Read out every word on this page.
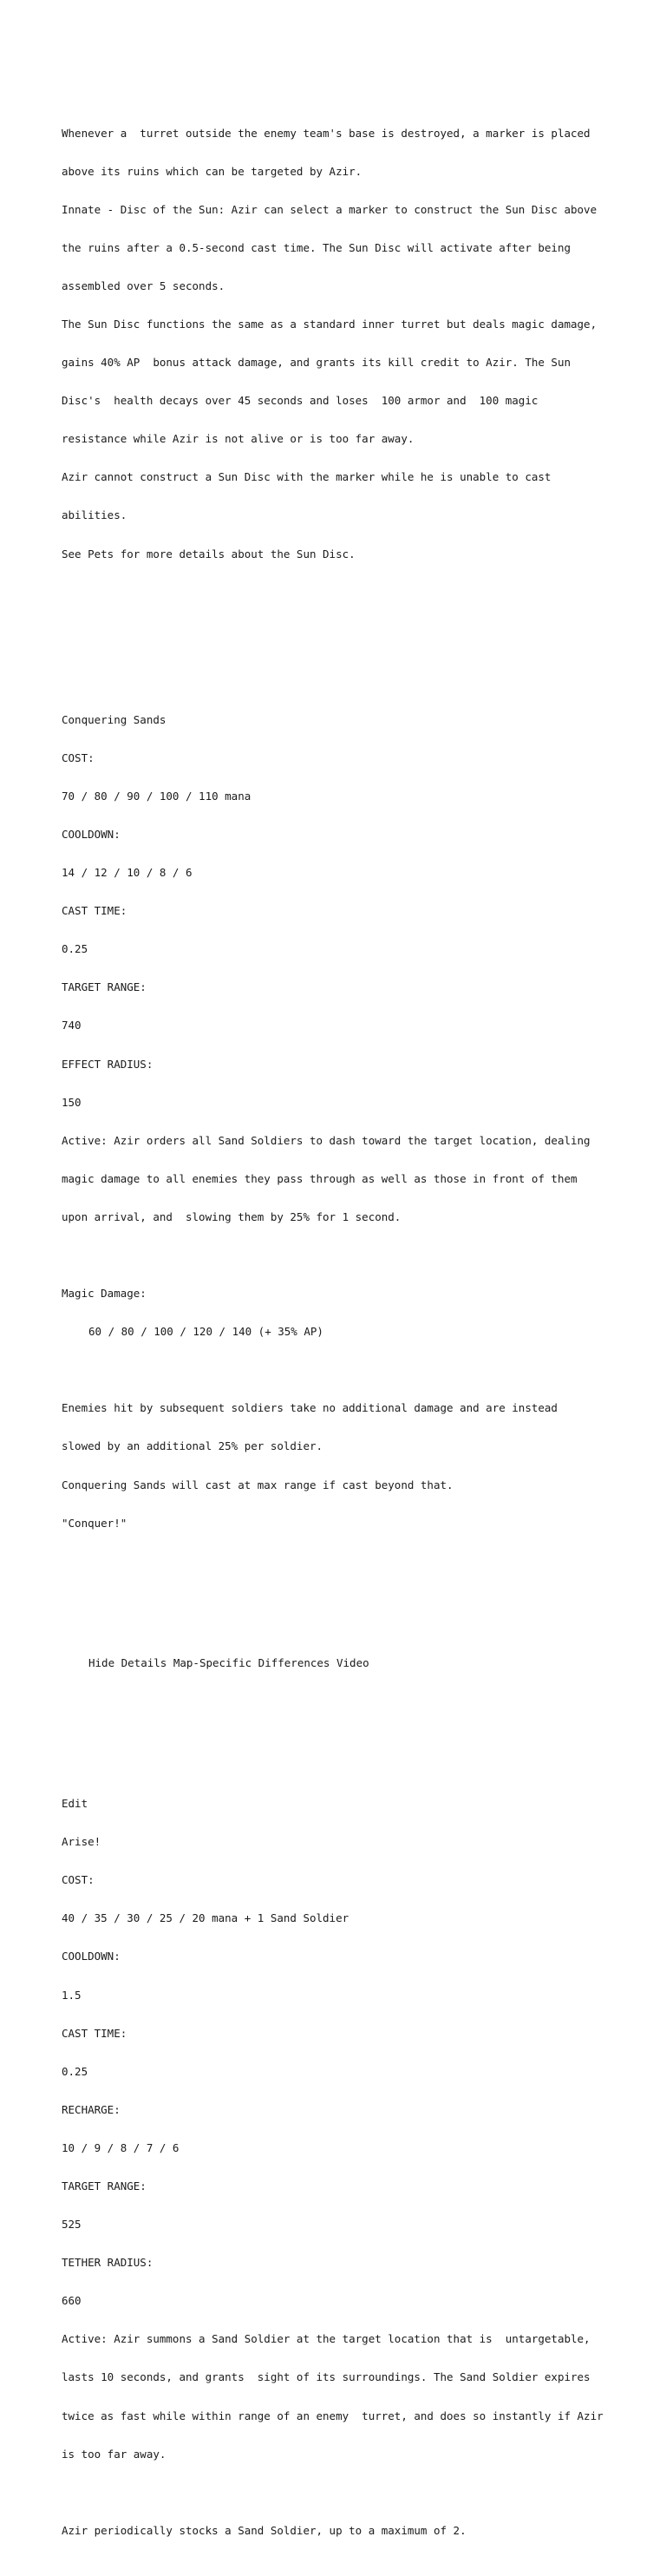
Whenever a  turret outside the enemy team's base is destroyed, a marker is placed

above its ruins which can be targeted by Azir.

Innate - Disc of the Sun: Azir can select a marker to construct the Sun Disc above

the ruins after a 0.5-second cast time. The Sun Disc will activate after being

assembled over 5 seconds.

The Sun Disc functions the same as a standard inner turret but deals magic damage,

gains 40% AP  bonus attack damage, and grants its kill credit to Azir. The Sun

Disc's  health decays over 45 seconds and loses  100 armor and  100 magic

resistance while Azir is not alive or is too far away.

Azir cannot construct a Sun Disc with the marker while he is unable to cast

abilities.

See Pets for more details about the Sun Disc.

Conquering Sands

COST:

70 / 80 / 90 / 100 / 110 mana

COOLDOWN:

14 / 12 / 10 / 8 / 6

CAST TIME:

0.25

TARGET RANGE:

740

EFFECT RADIUS:

150

Active: Azir orders all Sand Soldiers to dash toward the target location, dealing

magic damage to all enemies they pass through as well as those in front of them

upon arrival, and  slowing them by 25% for 1 second.

Magic Damage:

60 / 80 / 100 / 120 / 140 (+ 35% AP)

Enemies hit by subsequent soldiers take no additional damage and are instead

slowed by an additional 25% per soldier.

Conquering Sands will cast at max range if cast beyond that.

"Conquer!"

Hide Details Map-Specific Differences Video

Edit

Arise!

COST:

40 / 35 / 30 / 25 / 20 mana + 1 Sand Soldier

COOLDOWN:

1.5

CAST TIME:

0.25

RECHARGE:

10 / 9 / 8 / 7 / 6

TARGET RANGE:

525

TETHER RADIUS:

660

Active: Azir summons a Sand Soldier at the target location that is  untargetable,

lasts 10 seconds, and grants  sight of its surroundings. The Sand Soldier expires

twice as fast while within range of an enemy  turret, and does so instantly if Azir

is too far away.

Azir periodically stocks a Sand Soldier, up to a maximum of 2.
